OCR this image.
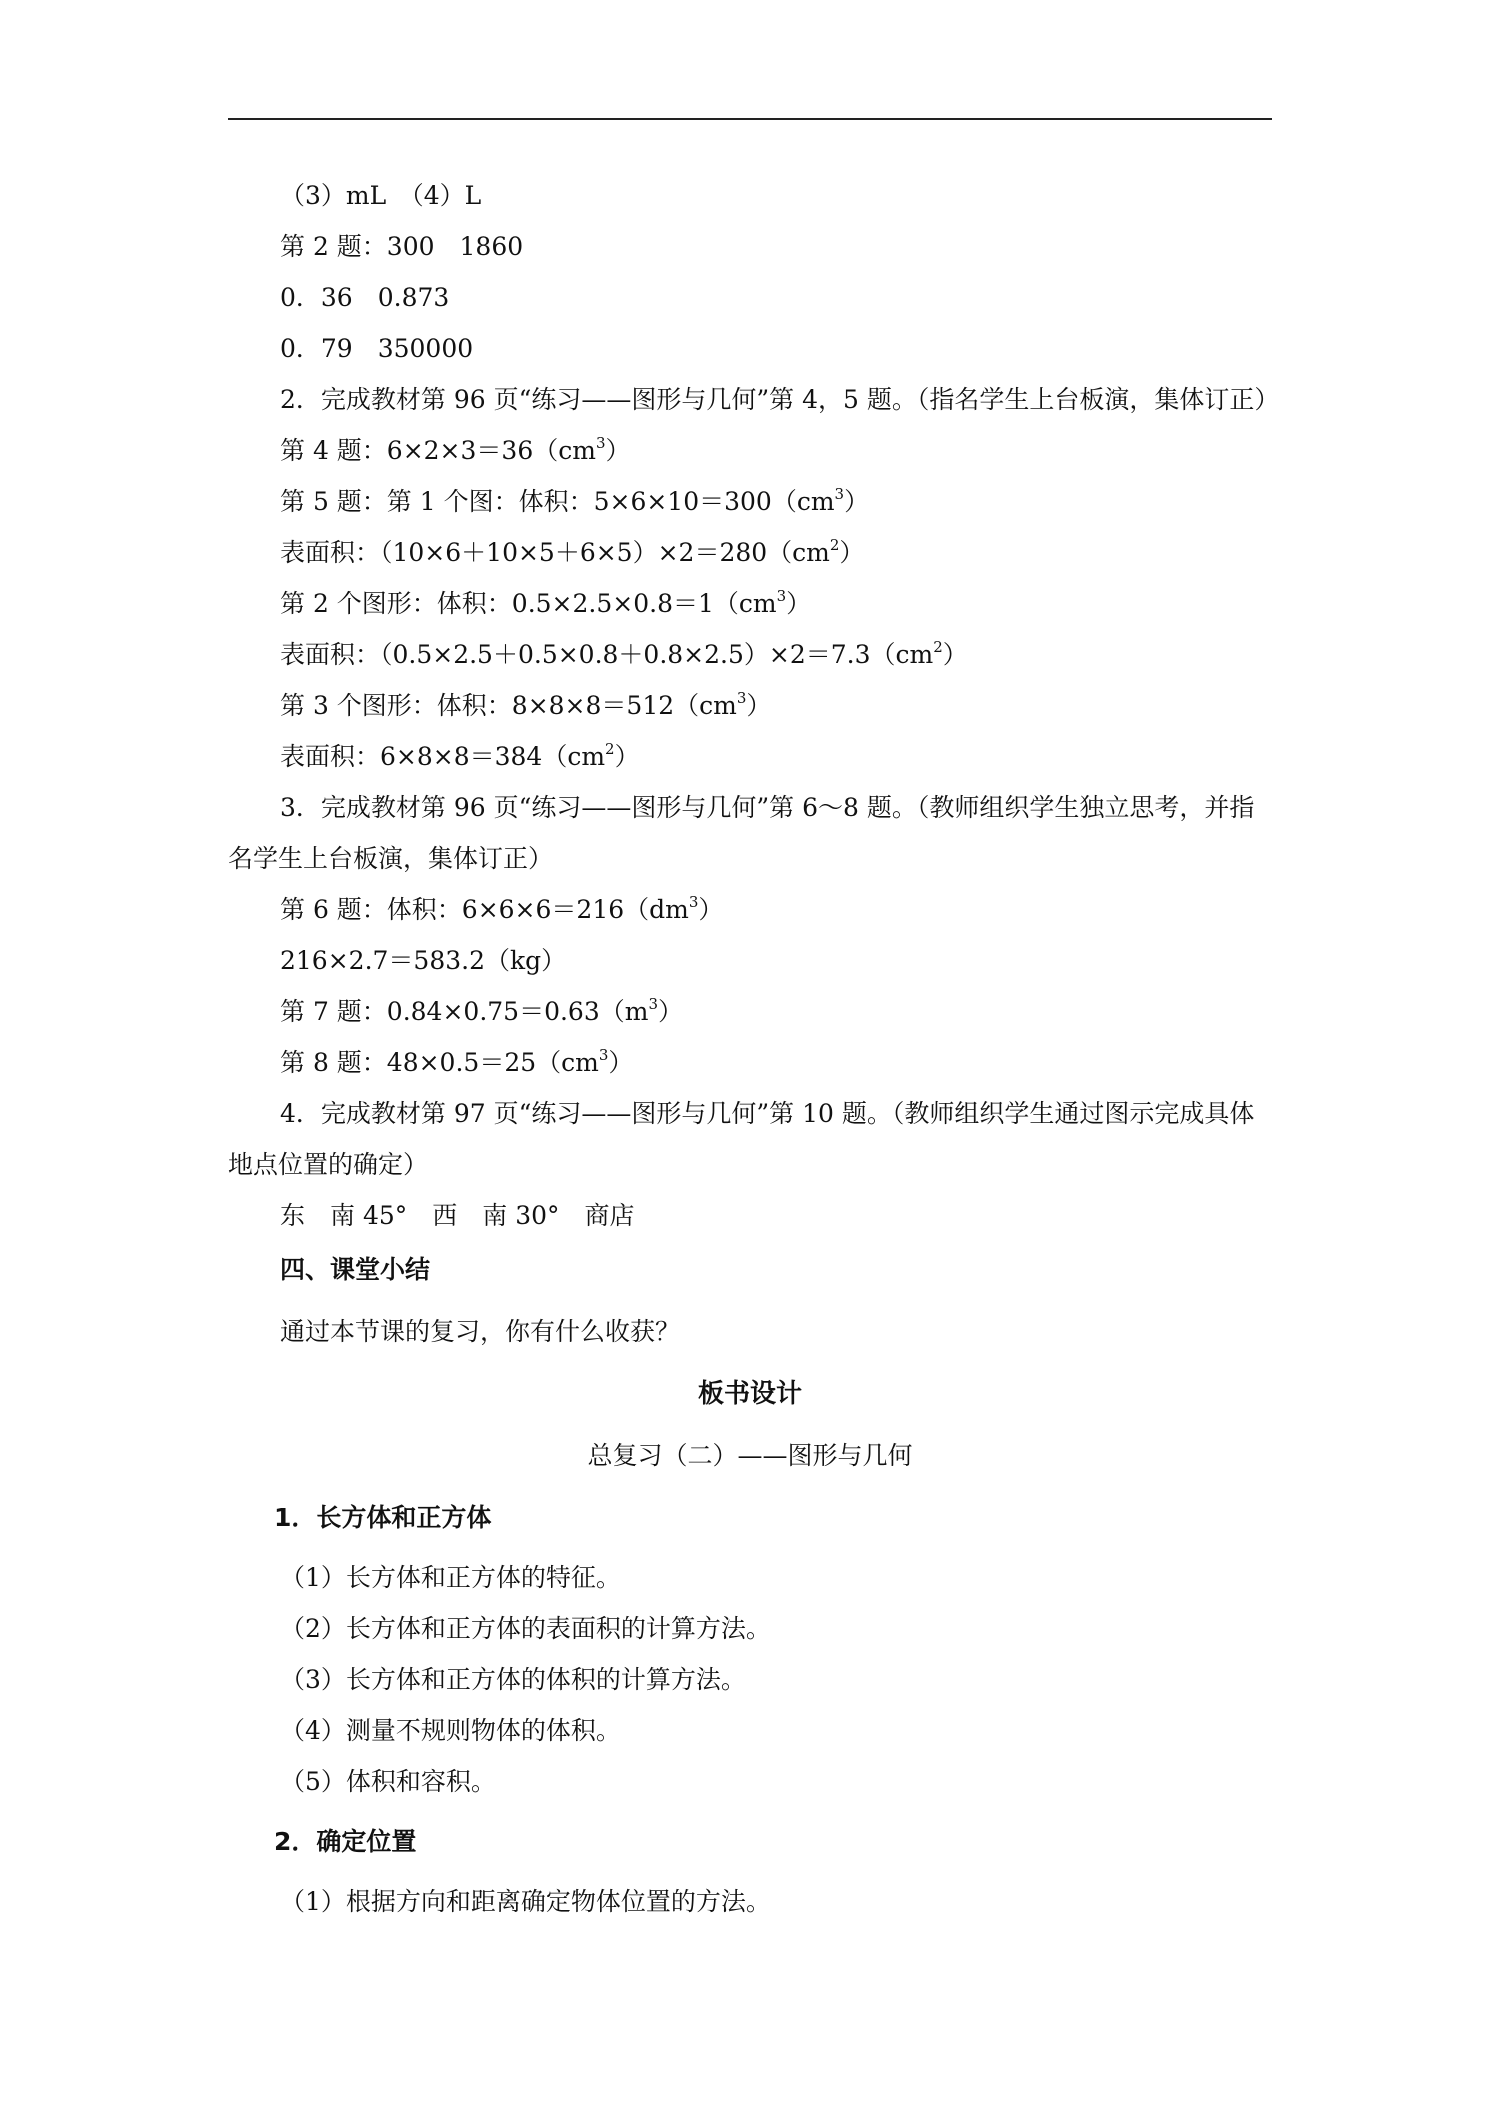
（3）mL　（4）L
第 2 题：300　1860
0．36　0.873
0．79　350000
2．完成教材第 96 页“练习——图形与几何”第 4，5 题。（指名学生上台板演，集体订正）
第 4 题：$6\times 2\times 3=36(cm^3)$
第 5 题：第 1 个图：体积：$5\times 6\times 10=300(cm^3)$
表面积：$(10\times 6+10\times 5+6\times 5)\times 2=280(cm^2)$
第 2 个图形：体积：$0.5\times 2.5\times 0.8=1(cm^3)$
表面积：$(0.5\times 2.5+0.5\times 0.8+0.8\times 2.5)\times 2=7.3(cm^2)$
第 3 个图形：体积：$8\times 8\times 8=512(cm^3)$
表面积：$6\times 8\times 8=384(cm^2)$
3．完成教材第 96 页“练习——图形与几何”第 6～8 题。（教师组织学生独立思考，并指
名学生上台板演，集体订正）
第 6 题：体积：$6\times 6\times 6=216(dm^3)$
216×2.7＝583.2（kg）
第 7 题：$0.84\times 0.75=0.63(m^3)$
第 8 题：$48\times 0.5=25(cm^3)$
4．完成教材第 97 页“练习——图形与几何”第 10 题。（教师组织学生通过图示完成具体
地点位置的确定）
东　南 45°　西　南 30°　商店
四、课堂小结
通过本节课的复习，你有什么收获？
板书设计
总复习（二）——图形与几何
1．长方体和正方体
（1）长方体和正方体的特征。
（2）长方体和正方体的表面积的计算方法。
（3）长方体和正方体的体积的计算方法。
（4）测量不规则物体的体积。
（5）体积和容积。
2．确定位置
（1）根据方向和距离确定物体位置的方法。
